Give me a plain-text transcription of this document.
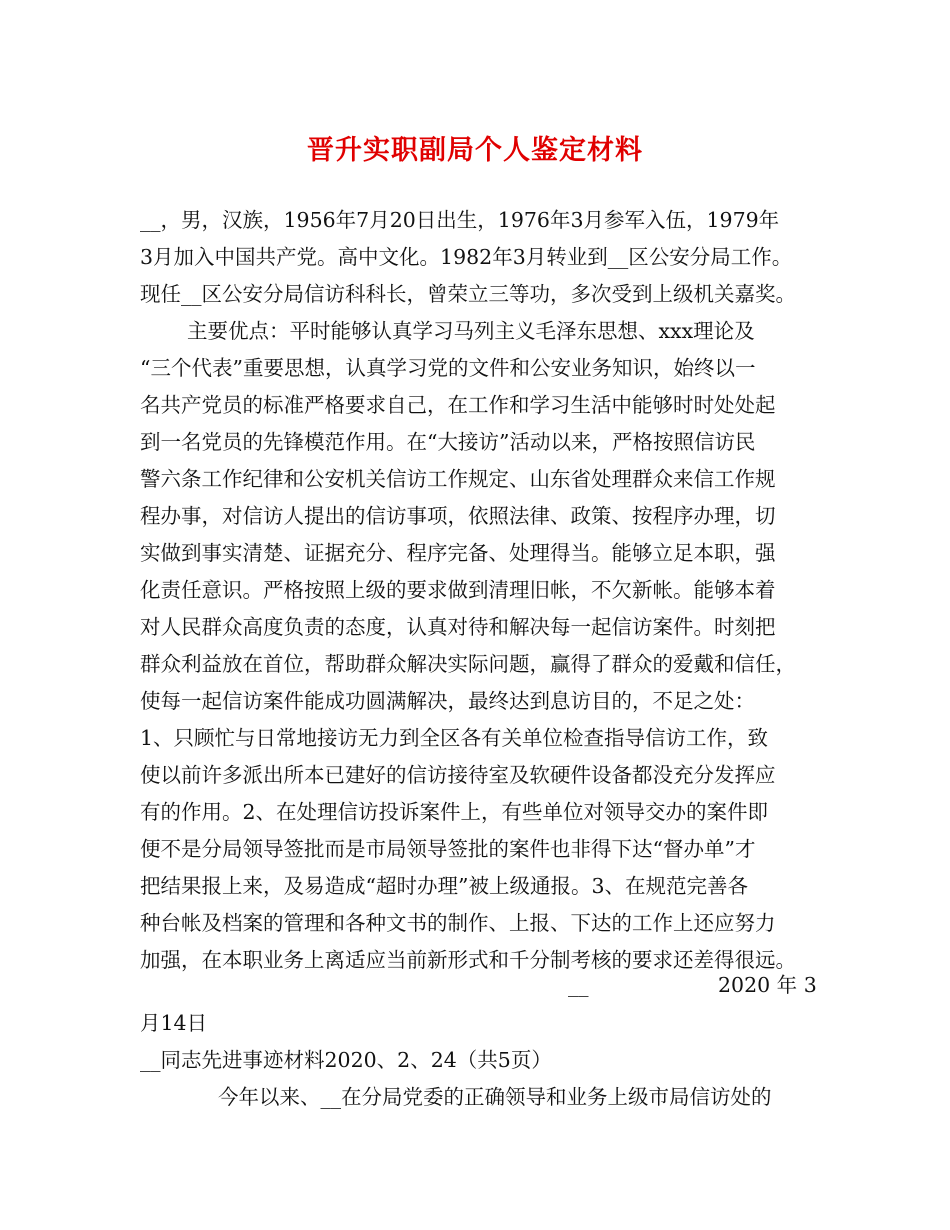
晋升实职副局个人鉴定材料
__，男，汉族，1956年7月20日出生，1976年3月参军入伍，1979年
3月加入中国共产党。高中文化。1982年3月转业到__区公安分局工作。
现任__区公安分局信访科科长，曾荣立三等功，多次受到上级机关嘉奖。
主要优点：平时能够认真学习马列主义毛泽东思想、xxx理论及
“三个代表”重要思想，认真学习党的文件和公安业务知识，始终以一
名共产党员的标准严格要求自己，在工作和学习生活中能够时时处处起
到一名党员的先锋模范作用。在“大接访”活动以来，严格按照信访民
警六条工作纪律和公安机关信访工作规定、山东省处理群众来信工作规
程办事，对信访人提出的信访事项，依照法律、政策、按程序办理，切
实做到事实清楚、证据充分、程序完备、处理得当。能够立足本职，强
化责任意识。严格按照上级的要求做到清理旧帐，不欠新帐。能够本着
对人民群众高度负责的态度，认真对待和解决每一起信访案件。时刻把
群众利益放在首位，帮助群众解决实际问题，赢得了群众的爱戴和信任，
使每一起信访案件能成功圆满解决，最终达到息访目的，不足之处：
1、只顾忙与日常地接访无力到全区各有关单位检查指导信访工作，致
使以前许多派出所本已建好的信访接待室及软硬件设备都没充分发挥应
有的作用。2、在处理信访投诉案件上，有些单位对领导交办的案件即
便不是分局领导签批而是市局领导签批的案件也非得下达“督办单”才
把结果报上来，及易造成“超时办理”被上级通报。3、在规范完善各
种台帐及档案的管理和各种文书的制作、上报、下达的工作上还应努力
加强，在本职业务上离适应当前新形式和千分制考核的要求还差得很远。
__	2020 年 3
月14日
__同志先进事迹材料2020、2、24（共5页）
今年以来、__在分局党委的正确领导和业务上级市局信访处的
